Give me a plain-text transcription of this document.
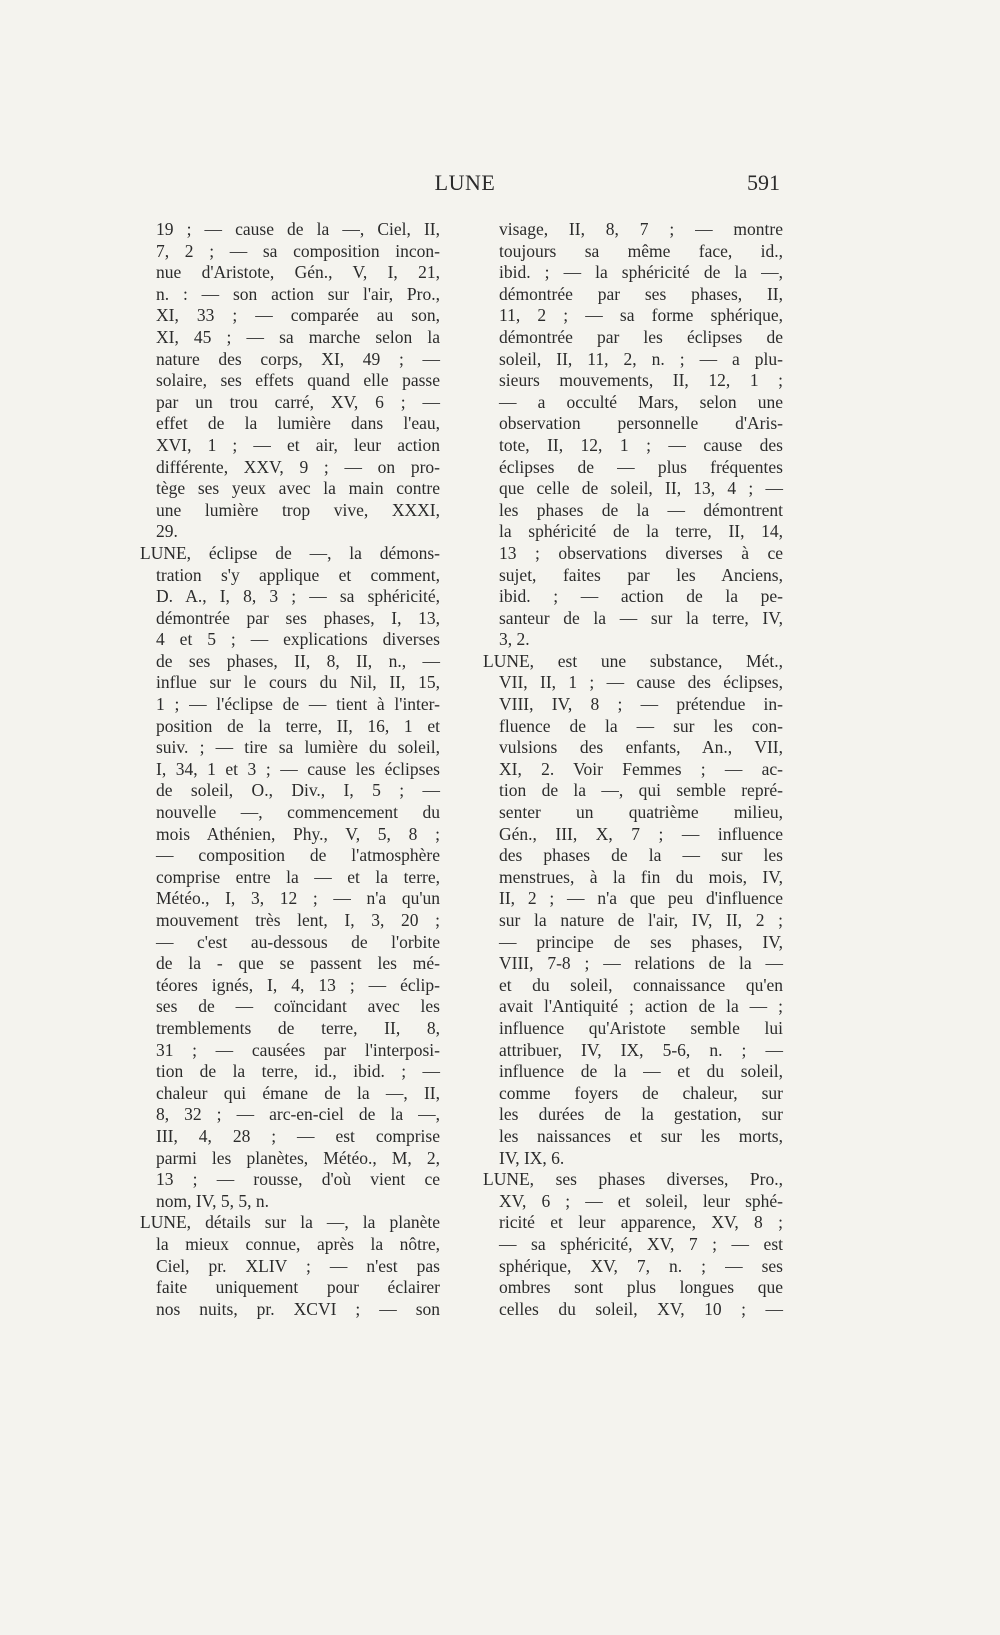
LUNE	591
19 ; — cause de la —, Ciel, II,
7, 2 ; — sa composition incon-
nue d'Aristote, Gén., V, I, 21,
n. : — son action sur l'air, Pro.,
XI, 33 ; — comparée au son,
XI, 45 ; — sa marche selon la
nature des corps, XI, 49 ; —
solaire, ses effets quand elle passe
par un trou carré, XV, 6 ; —
effet de la lumière dans l'eau,
XVI, 1 ; — et air, leur action
différente, XXV, 9 ; — on pro-
tège ses yeux avec la main contre
une lumière trop vive, XXXI,
29.
LUNE, éclipse de —, la démons-
tration s'y applique et comment,
D. A., I, 8, 3 ; — sa sphéricité,
démontrée par ses phases, I, 13,
4 et 5 ; — explications diverses
de ses phases, II, 8, II, n., —
influe sur le cours du Nil, II, 15,
1 ; — l'éclipse de — tient à l'inter-
position de la terre, II, 16, 1 et
suiv. ; — tire sa lumière du soleil,
I, 34, 1 et 3 ; — cause les éclipses
de soleil, O., Div., I, 5 ; —
nouvelle —, commencement du
mois Athénien, Phy., V, 5, 8 ;
— composition de l'atmosphère
comprise entre la — et la terre,
Météo., I, 3, 12 ; — n'a qu'un
mouvement très lent, I, 3, 20 ;
— c'est au-dessous de l'orbite
de la - que se passent les mé-
téores ignés, I, 4, 13 ; — éclip-
ses de — coïncidant avec les
tremblements de terre, II, 8,
31 ; — causées par l'interposi-
tion de la terre, id., ibid. ; —
chaleur qui émane de la —, II,
8, 32 ; — arc-en-ciel de la —,
III, 4, 28 ; — est comprise
parmi les planètes, Météo., M, 2,
13 ; — rousse, d'où vient ce
nom, IV, 5, 5, n.
LUNE, détails sur la —, la planète
la mieux connue, après la nôtre,
Ciel, pr. XLIV ; — n'est pas
faite uniquement pour éclairer
nos nuits, pr. XCVI ; — son
visage, II, 8, 7 ; — montre
toujours sa même face, id.,
ibid. ; — la sphéricité de la —,
démontrée par ses phases, II,
11, 2 ; — sa forme sphérique,
démontrée par les éclipses de
soleil, II, 11, 2, n. ; — a plu-
sieurs mouvements, II, 12, 1 ;
— a occulté Mars, selon une
observation personnelle d'Aris-
tote, II, 12, 1 ; — cause des
éclipses de — plus fréquentes
que celle de soleil, II, 13, 4 ; —
les phases de la — démontrent
la sphéricité de la terre, II, 14,
13 ; observations diverses à ce
sujet, faites par les Anciens,
ibid. ; — action de la pe-
santeur de la — sur la terre, IV,
3, 2.
LUNE, est une substance, Mét.,
VII, II, 1 ; — cause des éclipses,
VIII, IV, 8 ; — prétendue in-
fluence de la — sur les con-
vulsions des enfants, An., VII,
XI, 2. Voir Femmes ; — ac-
tion de la —, qui semble repré-
senter un quatrième milieu,
Gén., III, X, 7 ; — influence
des phases de la — sur les
menstrues, à la fin du mois, IV,
II, 2 ; — n'a que peu d'influence
sur la nature de l'air, IV, II, 2 ;
— principe de ses phases, IV,
VIII, 7-8 ; — relations de la —
et du soleil, connaissance qu'en
avait l'Antiquité ; action de la — ;
influence qu'Aristote semble lui
attribuer, IV, IX, 5-6, n. ; —
influence de la — et du soleil,
comme foyers de chaleur, sur
les durées de la gestation, sur
les naissances et sur les morts,
IV, IX, 6.
LUNE, ses phases diverses, Pro.,
XV, 6 ; — et soleil, leur sphé-
ricité et leur apparence, XV, 8 ;
— sa sphéricité, XV, 7 ; — est
sphérique, XV, 7, n. ; — ses
ombres sont plus longues que
celles du soleil, XV, 10 ; —
